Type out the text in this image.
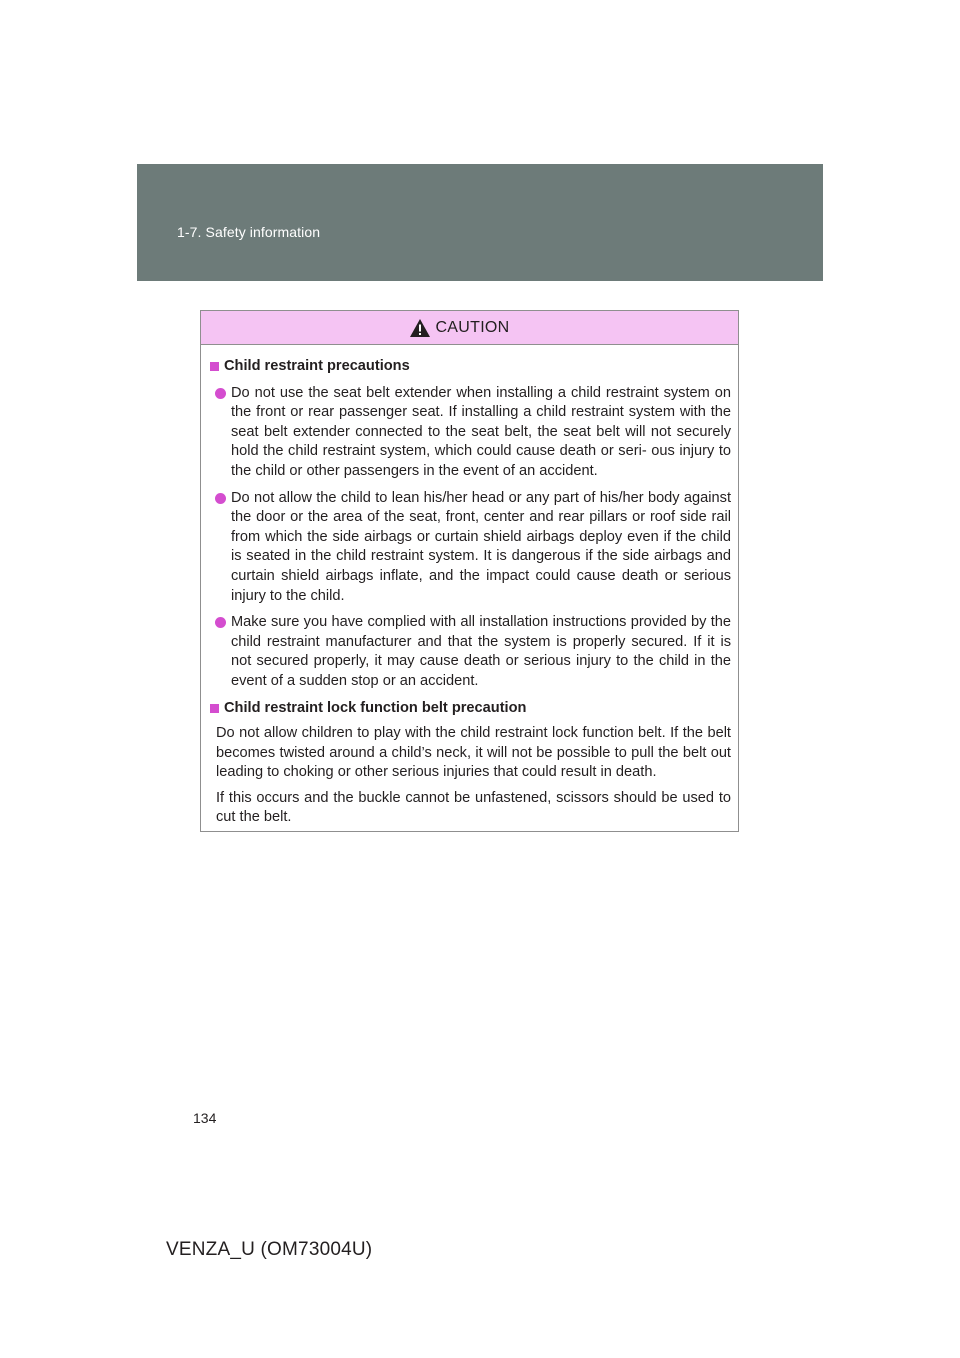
1-7. Safety information
CAUTION
Child restraint precautions
Do not use the seat belt extender when installing a child restraint system on the front or rear passenger seat. If installing a child restraint system with the seat belt extender connected to the seat belt, the seat belt will not securely hold the child restraint system, which could cause death or seri- ous injury to the child or other passengers in the event of an accident.
Do not allow the child to lean his/her head or any part of his/her body against the door or the area of the seat, front, center and rear pillars or roof side rail from which the side airbags or curtain shield airbags deploy even if the child is seated in the child restraint system. It is dangerous if the side airbags and curtain shield airbags inflate, and the impact could cause death or serious injury to the child.
Make sure you have complied with all installation instructions provided by the child restraint manufacturer and that the system is properly secured. If it is not secured properly, it may cause death or serious injury to the child in the event of a sudden stop or an accident.
Child restraint lock function belt precaution
Do not allow children to play with the child restraint lock function belt. If the belt becomes twisted around a child’s neck, it will not be possible to pull the belt out leading to choking or other serious injuries that could result in death.
If this occurs and the buckle cannot be unfastened, scissors should be used to cut the belt.
134
VENZA_U (OM73004U)
